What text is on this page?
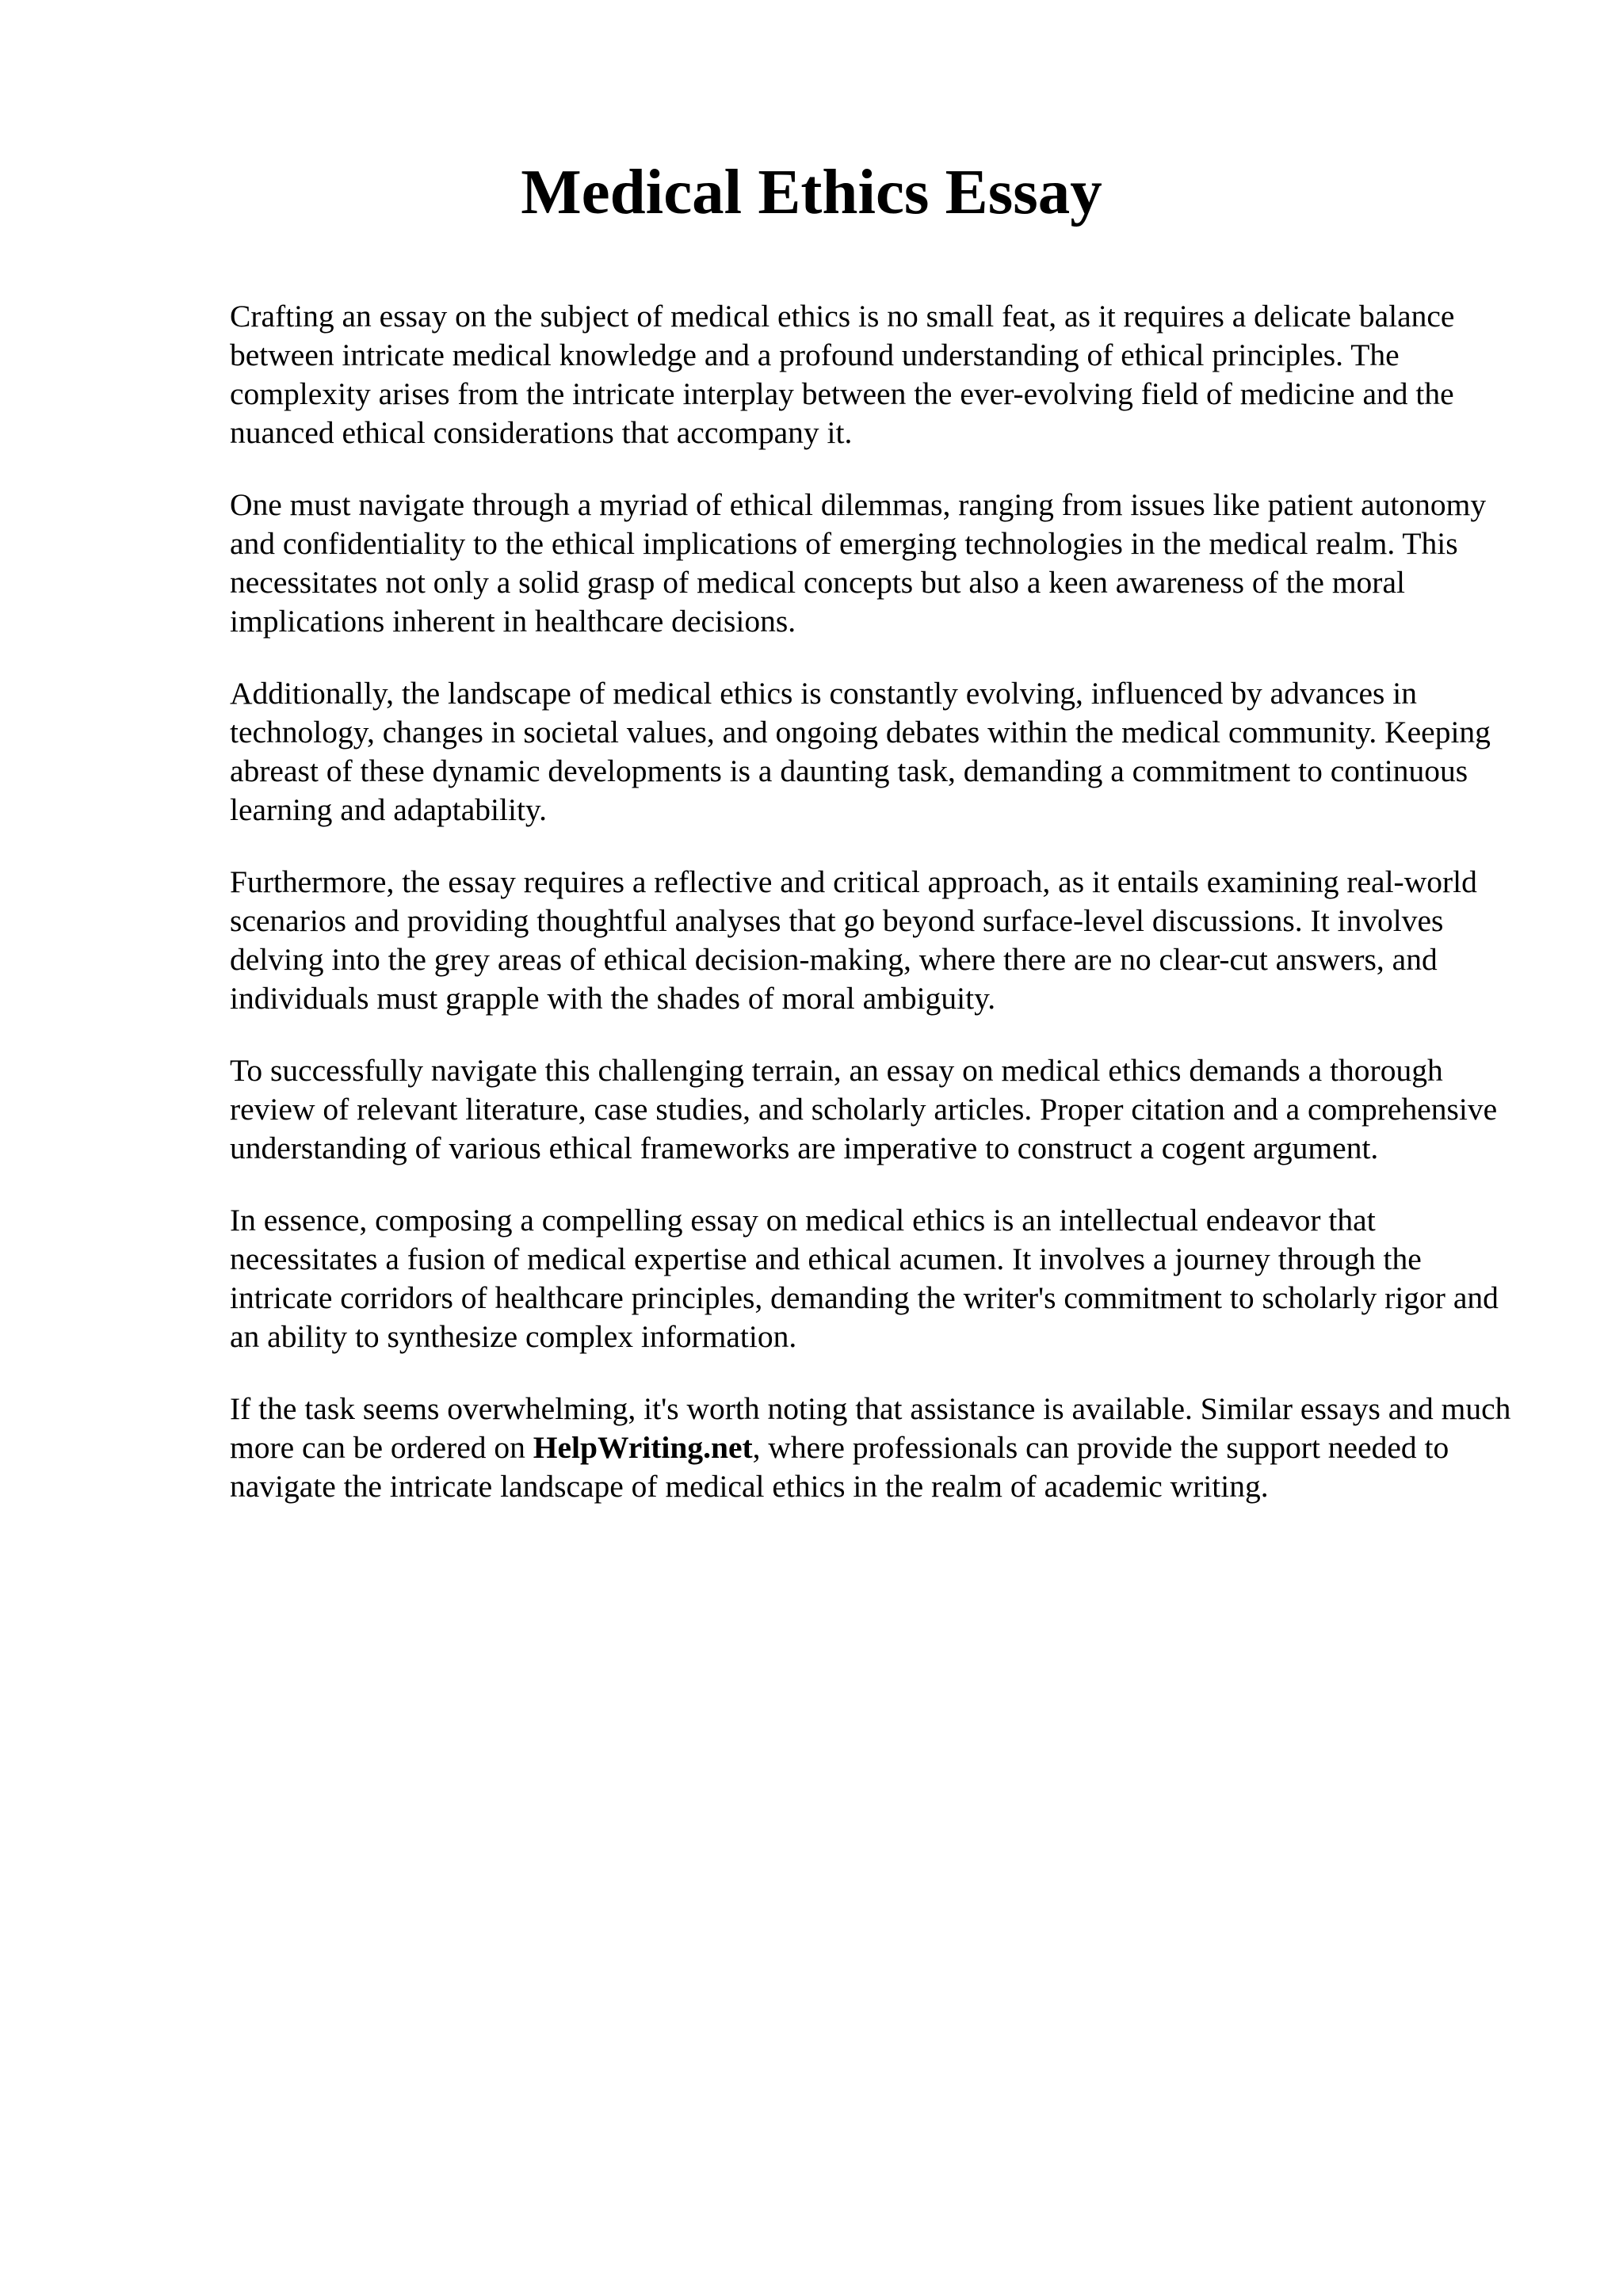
Medical Ethics Essay

Crafting an essay on the subject of medical ethics is no small feat, as it requires a delicate balance between intricate medical knowledge and a profound understanding of ethical principles. The complexity arises from the intricate interplay between the ever-evolving field of medicine and the nuanced ethical considerations that accompany it.

One must navigate through a myriad of ethical dilemmas, ranging from issues like patient autonomy and confidentiality to the ethical implications of emerging technologies in the medical realm. This necessitates not only a solid grasp of medical concepts but also a keen awareness of the moral implications inherent in healthcare decisions.

Additionally, the landscape of medical ethics is constantly evolving, influenced by advances in technology, changes in societal values, and ongoing debates within the medical community. Keeping abreast of these dynamic developments is a daunting task, demanding a commitment to continuous learning and adaptability.

Furthermore, the essay requires a reflective and critical approach, as it entails examining real-world scenarios and providing thoughtful analyses that go beyond surface-level discussions. It involves delving into the grey areas of ethical decision-making, where there are no clear-cut answers, and individuals must grapple with the shades of moral ambiguity.

To successfully navigate this challenging terrain, an essay on medical ethics demands a thorough review of relevant literature, case studies, and scholarly articles. Proper citation and a comprehensive understanding of various ethical frameworks are imperative to construct a cogent argument.

In essence, composing a compelling essay on medical ethics is an intellectual endeavor that necessitates a fusion of medical expertise and ethical acumen. It involves a journey through the intricate corridors of healthcare principles, demanding the writer's commitment to scholarly rigor and an ability to synthesize complex information.

If the task seems overwhelming, it's worth noting that assistance is available. Similar essays and much more can be ordered on HelpWriting.net, where professionals can provide the support needed to navigate the intricate landscape of medical ethics in the realm of academic writing.
